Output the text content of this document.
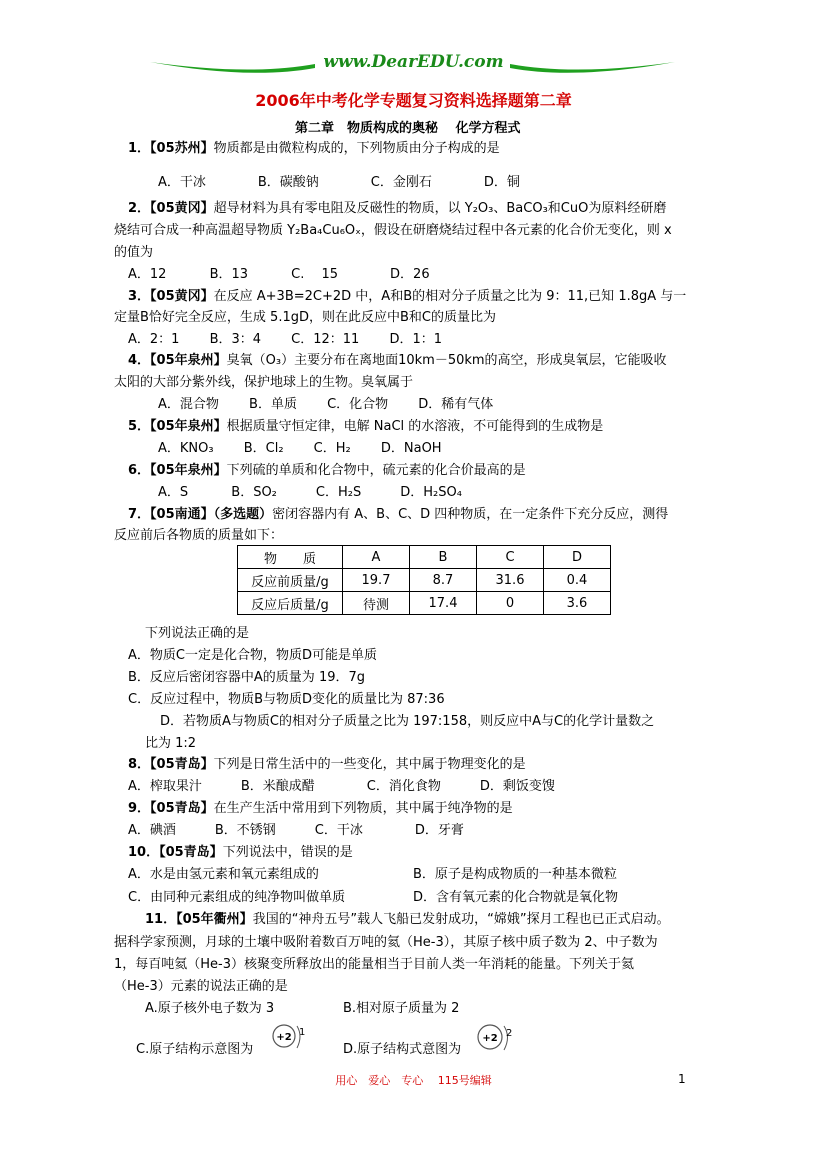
www.DearEDU.com
2006年中考化学专题复习资料选择题第二章
第二章　物质构成的奥秘　 化学方程式
1．【05苏州】物质都是由微粒构成的，下列物质由分子构成的是
A．干冰　　　　B．碳酸钠　　　　C．金刚石　　　　D．铜
2．【05黄冈】超导材料为具有零电阻及反磁性的物质，以 Y₂O₃、BaCO₃和CuO为原料经研磨
烧结可合成一种高温超导物质 Y₂Ba₄Cu₆Oₓ，假设在研磨烧结过程中各元素的化合价无变化，则 x
的值为
A．12　　　 B．13　　　 C.　 15　　　　D．26
3．【05黄冈】在反应 A+3B=2C+2D 中，A和B的相对分子质量之比为 9：11,已知 1.8gA 与一
定量B恰好完全反应，生成 5.1gD，则在此反应中B和C的质量比为
A．2：1　　 B．3：4　　 C．12：11　　 D．1：1
4．【05年泉州】臭氧（O₃）主要分布在离地面10km－50km的高空，形成臭氧层，它能吸收
太阳的大部分紫外线，保护地球上的生物。臭氧属于
A．混合物　　 B．单质　　 C．化合物　　 D．稀有气体
5．【05年泉州】根据质量守恒定律，电解 NaCl 的水溶液，不可能得到的生成物是
A．KNO₃　　 B．Cl₂　　 C．H₂　　 D．NaOH
6．【05年泉州】下列硫的单质和化合物中，硫元素的化合价最高的是
A．S　　　 B．SO₂　　　C．H₂S　　　D．H₂SO₄
7．【05南通】（多选题）密闭容器内有 A、B、C、D 四种物质，在一定条件下充分反应，测得
反应前后各物质的质量如下：
物　　质	A	B	C	D
反应前质量/g	19.7	8.7	31.6	0.4
反应后质量/g	待测	17.4	0	3.6
下列说法正确的是
A．物质C一定是化合物，物质D可能是单质
B．反应后密闭容器中A的质量为 19．7g
C．反应过程中，物质B与物质D变化的质量比为 87:36
D．若物质A与物质C的相对分子质量之比为 197:158，则反应中A与C的化学计量数之
比为 1:2
8．【05青岛】下列是日常生活中的一些变化，其中属于物理变化的是
A．榨取果汁　　　B．米酿成醋　　　　C．消化食物　　　D．剩饭变馊
9．【05青岛】在生产生活中常用到下列物质，其中属于纯净物的是
A．碘酒　　　B．不锈钢　　　C．干冰　　　　D．牙膏
10．【05青岛】下列说法中，错误的是
A．水是由氢元素和氧元素组成的	B．原子是构成物质的一种基本微粒
C．由同种元素组成的纯净物叫做单质	D．含有氧元素的化合物就是氧化物
11．【05年衢州】我国的“神舟五号”载人飞船已发射成功，“嫦娥”探月工程也已正式启动。
据科学家预测，月球的土壤中吸附着数百万吨的氦（He-3），其原子核中质子数为 2、中子数为
1，每百吨氦（He-3）核聚变所释放出的能量相当于目前人类一年消耗的能量。下列关于氦
（He-3）元素的说法正确的是
A.原子核外电子数为 3	B.相对原子质量为 2
C.原子结构示意图为	D.原子结构式意图为
+2 1
+2 2
用心　爱心　专心　 115号编辑	1
